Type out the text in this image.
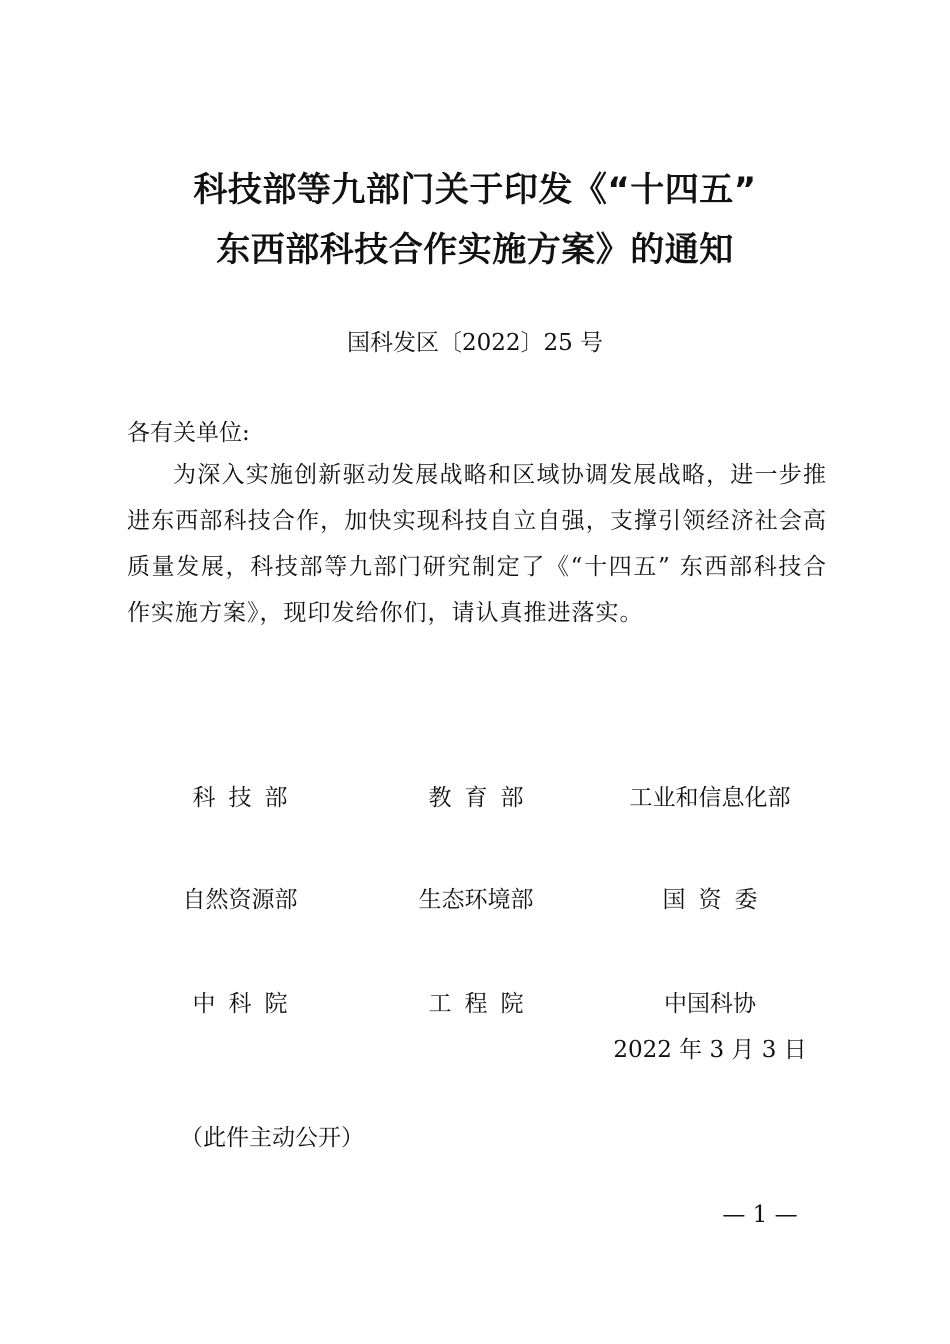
科技部等九部门关于印发《“十四五”
东西部科技合作实施方案》的通知
国科发区〔2022〕25 号
各有关单位:
为深入实施创新驱动发展战略和区域协调发展战略，进一步推进东西部科技合作，加快实现科技自立自强，支撑引领经济社会高质量发展，科技部等九部门研究制定了《“十四五” 东西部科技合作实施方案》，现印发给你们，请认真推进落实。
科技部	教育部	工业和信息化部
自然资源部	生态环境部	国资委
中科院	工程院	中国科协
2022 年 3 月 3 日
（此件主动公开）
— 1 —
